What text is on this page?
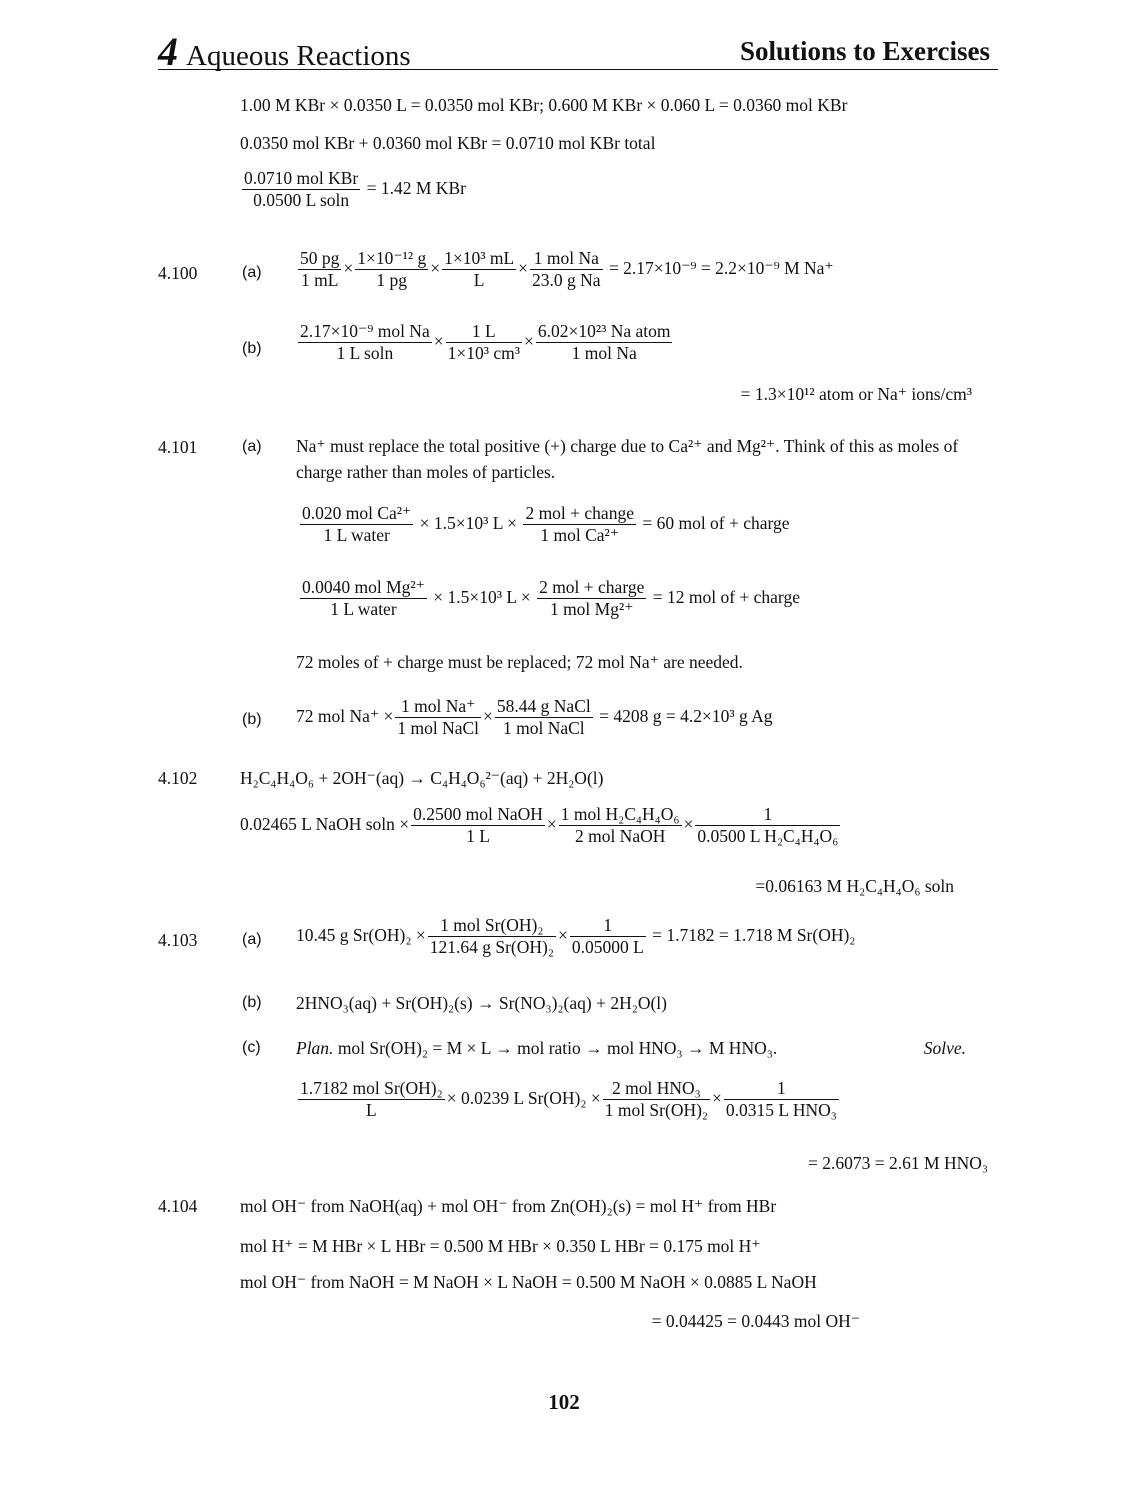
4 Aqueous Reactions	Solutions to Exercises
1.00 M KBr × 0.0350 L = 0.0350 mol KBr; 0.600 M KBr × 0.060 L = 0.0360 mol KBr
0.0350 mol KBr + 0.0360 mol KBr = 0.0710 mol KBr total
$\frac{\text{0.0710 mol KBr}}{\text{0.0500 L soln}} = 1.42$ M KBr
4.100	$(a) \frac{50 pg}{1 mL} \times \frac{\text{1×10⁻¹² g}}{1 pg} \times \frac{\text{1×10³ mL}}{L} \times \frac{\text{1 mol Na}}{\text{23.0 g Na}} = 2.17\times 10^{-9} = 2.2\times 10^{-9}$ M Na⁺
$(b) \frac{\text{2.17×10⁻⁹ mol Na}}{\text{1 L soln}} \times \frac{1 L}{\text{1×10³ cm³}} \times \frac{\text{6.02×10²³ Na atom}}{\text{1 mol Na}}$
= 1.3×10¹² atom or Na⁺ ions/cm³
4.101	(a) Na⁺ must replace the total positive (+) charge due to Ca²⁺ and Mg²⁺. Think of this as moles of charge rather than moles of particles.
$\frac{\text{0.020 mol Ca²⁺}}{\text{1 L water}} \times 1.5\times 10^3$ $L \times \frac{\text{2 mol + change}}{\text{1 mol Ca²⁺}} = 60$ mol of + charge
$\frac{\text{0.0040 mol Mg²⁺}}{\text{1 L water}} \times 1.5\times 10^3$ $L \times \frac{\text{2 mol + charge}}{\text{1 mol Mg²⁺}} = 12$ mol of + charge
72 moles of + charge must be replaced; 72 mol Na⁺ are needed.
(b) 72 mol $Na^+ \times \frac{\text{1 mol Na⁺}}{\text{1 mol NaCl}} \times \frac{\text{58.44 g NaCl}}{\text{1 mol NaCl}} = 4208$ g = 4.2×10³ g Ag
4.102 H₂C₄H₄O₆ + 2OH⁻(aq) → C₄H₄O₆²⁻(aq) + 2H₂O(l)
0.02465 L NaOH $soln \times \frac{\text{0.2500 mol NaOH}}{1 L} \times \frac{\text{1 mol H₂C₄H₄O₆}}{\text{2 mol NaOH}} \times \frac{1}{\text{0.0500 L H₂C₄H₄O₆}}$
=0.06163 M H₂C₄H₄O₆ soln
4.103	(a) 10.45 g $Sr(OH)_2 \times \frac{\text{1 mol Sr(OH)₂}}{\text{121.64 g Sr(OH)₂}} \times \frac{1}{0.05000 L} = 1.7182 = 1.718$ M Sr(OH)₂
(b) 2HNO₃(aq) + Sr(OH)₂(s) → Sr(NO₃)₂(aq) + 2H₂O(l)
(c) Plan. mol Sr(OH)₂ = M × L → mol ratio → mol HNO₃ → M HNO₃.	Solve.
$\frac{\text{1.7182 mol Sr(OH)₂}}{L} \times 0.0239$ L $Sr(OH)_2 \times \frac{\text{2 mol HNO₃}}{\text{1 mol Sr(OH)₂}} \times \frac{1}{\text{0.0315 L HNO₃}}$
= 2.6073 = 2.61 M HNO₃
4.104 mol OH⁻ from NaOH(aq) + mol OH⁻ from Zn(OH)₂(s) = mol H⁺ from HBr
mol H⁺ = M HBr × L HBr = 0.500 M HBr × 0.350 L HBr = 0.175 mol H⁺
mol OH⁻ from NaOH = M NaOH × L NaOH = 0.500 M NaOH × 0.0885 L NaOH
= 0.04425 = 0.0443 mol OH⁻
102
